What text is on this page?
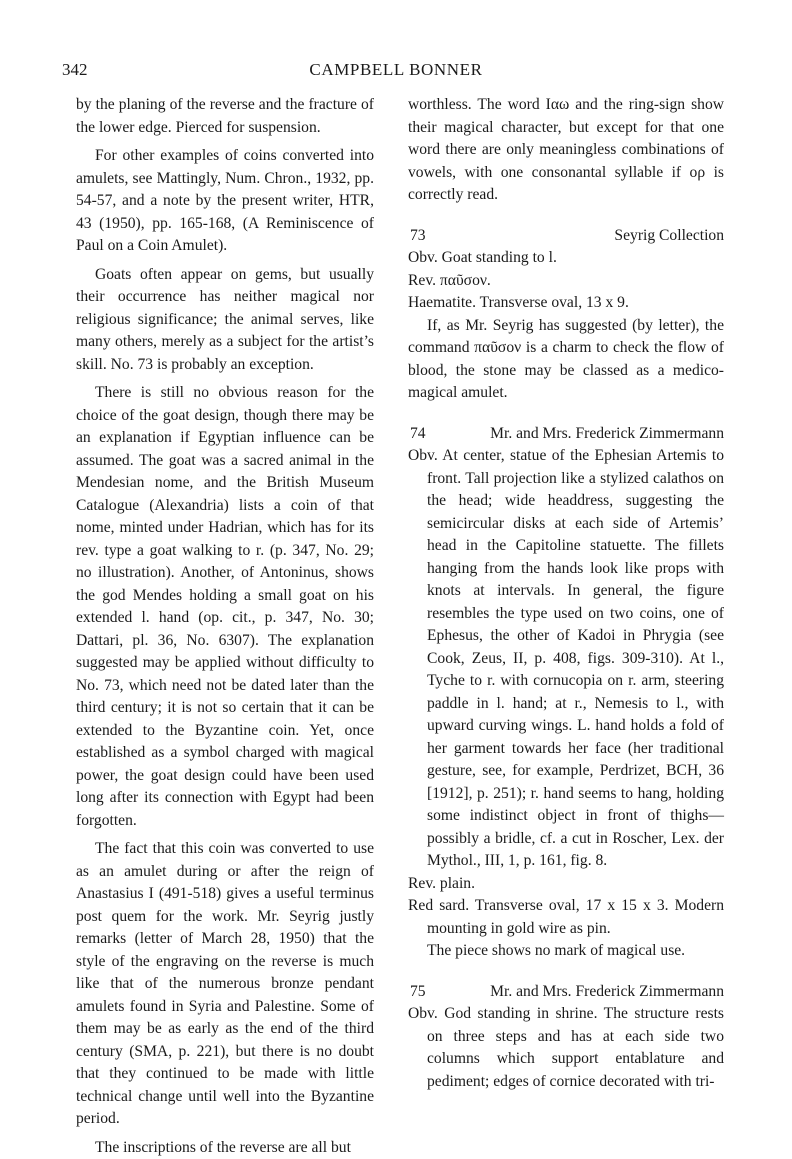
342	CAMPBELL BONNER

by the planing of the reverse and the fracture of the lower edge. Pierced for suspension.

For other examples of coins converted into amulets, see Mattingly, Num. Chron., 1932, pp. 54-57, and a note by the present writer, HTR, 43 (1950), pp. 165-168, (A Reminiscence of Paul on a Coin Amulet).

Goats often appear on gems, but usually their occurrence has neither magical nor religious significance; the animal serves, like many others, merely as a subject for the artist’s skill. No. 73 is probably an exception.

There is still no obvious reason for the choice of the goat design, though there may be an explanation if Egyptian influence can be assumed. The goat was a sacred animal in the Mendesian nome, and the British Museum Catalogue (Alexandria) lists a coin of that nome, minted under Hadrian, which has for its rev. type a goat walking to r. (p. 347, No. 29; no illustration). Another, of Antoninus, shows the god Mendes holding a small goat on his extended l. hand (op. cit., p. 347, No. 30; Dattari, pl. 36, No. 6307). The explanation suggested may be applied without difficulty to No. 73, which need not be dated later than the third century; it is not so certain that it can be extended to the Byzantine coin. Yet, once established as a symbol charged with magical power, the goat design could have been used long after its connection with Egypt had been forgotten.

The fact that this coin was converted to use as an amulet during or after the reign of Anastasius I (491-518) gives a useful terminus post quem for the work. Mr. Seyrig justly remarks (letter of March 28, 1950) that the style of the engraving on the reverse is much like that of the numerous bronze pendant amulets found in Syria and Palestine. Some of them may be as early as the end of the third century (SMA, p. 221), but there is no doubt that they continued to be made with little technical change until well into the Byzantine period.

The inscriptions of the reverse are all but

worthless. The word Ιαω and the ring-sign show their magical character, but except for that one word there are only meaningless combinations of vowels, with one consonantal syllable if ορ is correctly read.

73	Seyrig Collection

Obv. Goat standing to l.

Rev. παῦσον.

Haematite. Transverse oval, 13 x 9.

If, as Mr. Seyrig has suggested (by letter), the command παῦσον is a charm to check the flow of blood, the stone may be classed as a medico-magical amulet.

74	Mr. and Mrs. Frederick Zimmermann

Obv. At center, statue of the Ephesian Artemis to front. Tall projection like a stylized calathos on the head; wide headdress, suggesting the semicircular disks at each side of Artemis’ head in the Capitoline statuette. The fillets hanging from the hands look like props with knots at intervals. In general, the figure resembles the type used on two coins, one of Ephesus, the other of Kadoi in Phrygia (see Cook, Zeus, II, p. 408, figs. 309-310). At l., Tyche to r. with cornucopia on r. arm, steering paddle in l. hand; at r., Nemesis to l., with upward curving wings. L. hand holds a fold of her garment towards her face (her traditional gesture, see, for example, Perdrizet, BCH, 36 [1912], p. 251); r. hand seems to hang, holding some indistinct object in front of thighs—possibly a bridle, cf. a cut in Roscher, Lex. der Mythol., III, 1, p. 161, fig. 8.

Rev. plain.

Red sard. Transverse oval, 17 x 15 x 3. Modern mounting in gold wire as pin.

The piece shows no mark of magical use.

75	Mr. and Mrs. Frederick Zimmermann

Obv. God standing in shrine. The structure rests on three steps and has at each side two columns which support entablature and pediment; edges of cornice decorated with tri-
